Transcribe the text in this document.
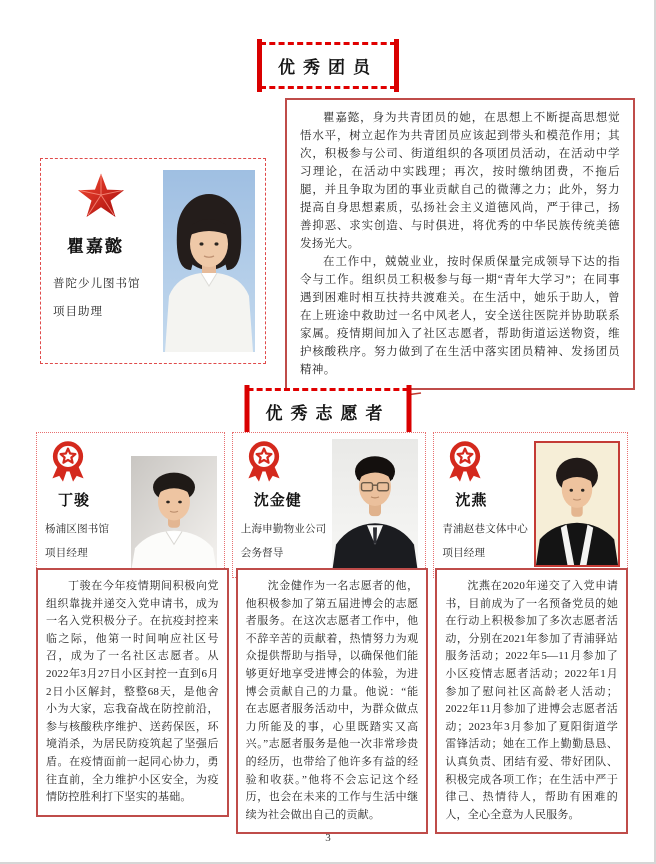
优秀团员
瞿嘉懿
普陀少儿图书馆
项目助理

瞿嘉懿，身为共青团员的她，在思想上不断提高思想觉悟水平，树立起作为共青团员应该起到带头和模范作用；其次，积极参与公司、街道组织的各项团员活动，在活动中学习理论，在活动中实践理；再次，按时缴纳团费，不拖后腿，并且争取为团的事业贡献自己的微薄之力；此外，努力提高自身思想素质，弘扬社会主义道德风尚，严于律己，扬善抑恶、求实创造、与时俱进，将优秀的中华民族传统美德发扬光大。

在工作中，兢兢业业，按时保质保量完成领导下达的指令与工作。组织员工积极参与每一期“青年大学习”；在同事遇到困难时相互扶持共渡难关。在生活中，她乐于助人，曾在上班途中救助过一名中风老人，安全送往医院并协助联系家属。疫情期间加入了社区志愿者，帮助街道运送物资，维护核酸秩序。努力做到了在生活中落实团员精神、发扬团员精神。

优秀志愿者
丁骏
杨浦区图书馆
项目经理
沈金健
上海申勤物业公司
会务督导
沈燕
青浦赵巷文体中心
项目经理
丁骏在今年疫情期间积极向党组织靠拢并递交入党申请书，成为一名入党积极分子。在抗疫封控来临之际，他第一时间响应社区号召，成为了一名社区志愿者。从2022年3月27日小区封控一直到6月2日小区解封，整整68天，是他舍小为大家，忘我奋战在防控前沿，参与核酸秩序维护、送药保医，环境消杀，为居民防疫筑起了坚强后盾。在疫情面前一起同心协力，勇往直前，全力维护小区安全，为疫情防控胜利打下坚实的基础。
沈金健作为一名志愿者的他，他积极参加了第五届进博会的志愿者服务。在这次志愿者工作中，他不辞辛苦的贡献着，热情努力为观众提供帮助与指导，以确保他们能够更好地享受进博会的体验，为进博会贡献自己的力量。他说：“能在志愿者服务活动中，为群众做点力所能及的事，心里既踏实又高兴。”志愿者服务是他一次非常珍贵的经历，也带给了他许多有益的经验和收获。”他将不会忘记这个经历，也会在未来的工作与生活中继续为社会做出自己的贡献。
沈燕在2020年递交了入党申请书，目前成为了一名预备党员的她在行动上积极参加了多次志愿者活动，分别在2021年参加了青浦驿站服务活动；2022年5—11月参加了小区疫情志愿者活动；2022年1月参加了慰问社区高龄老人活动；2022年11月参加了进博会志愿者活动；2023年3月参加了夏阳街道学雷锋活动；她在工作上勤勤恳恳、认真负责、团结有爱、带好团队、积极完成各项工作；在生活中严于律己、热情待人，帮助有困难的人，全心全意为人民服务。
3
